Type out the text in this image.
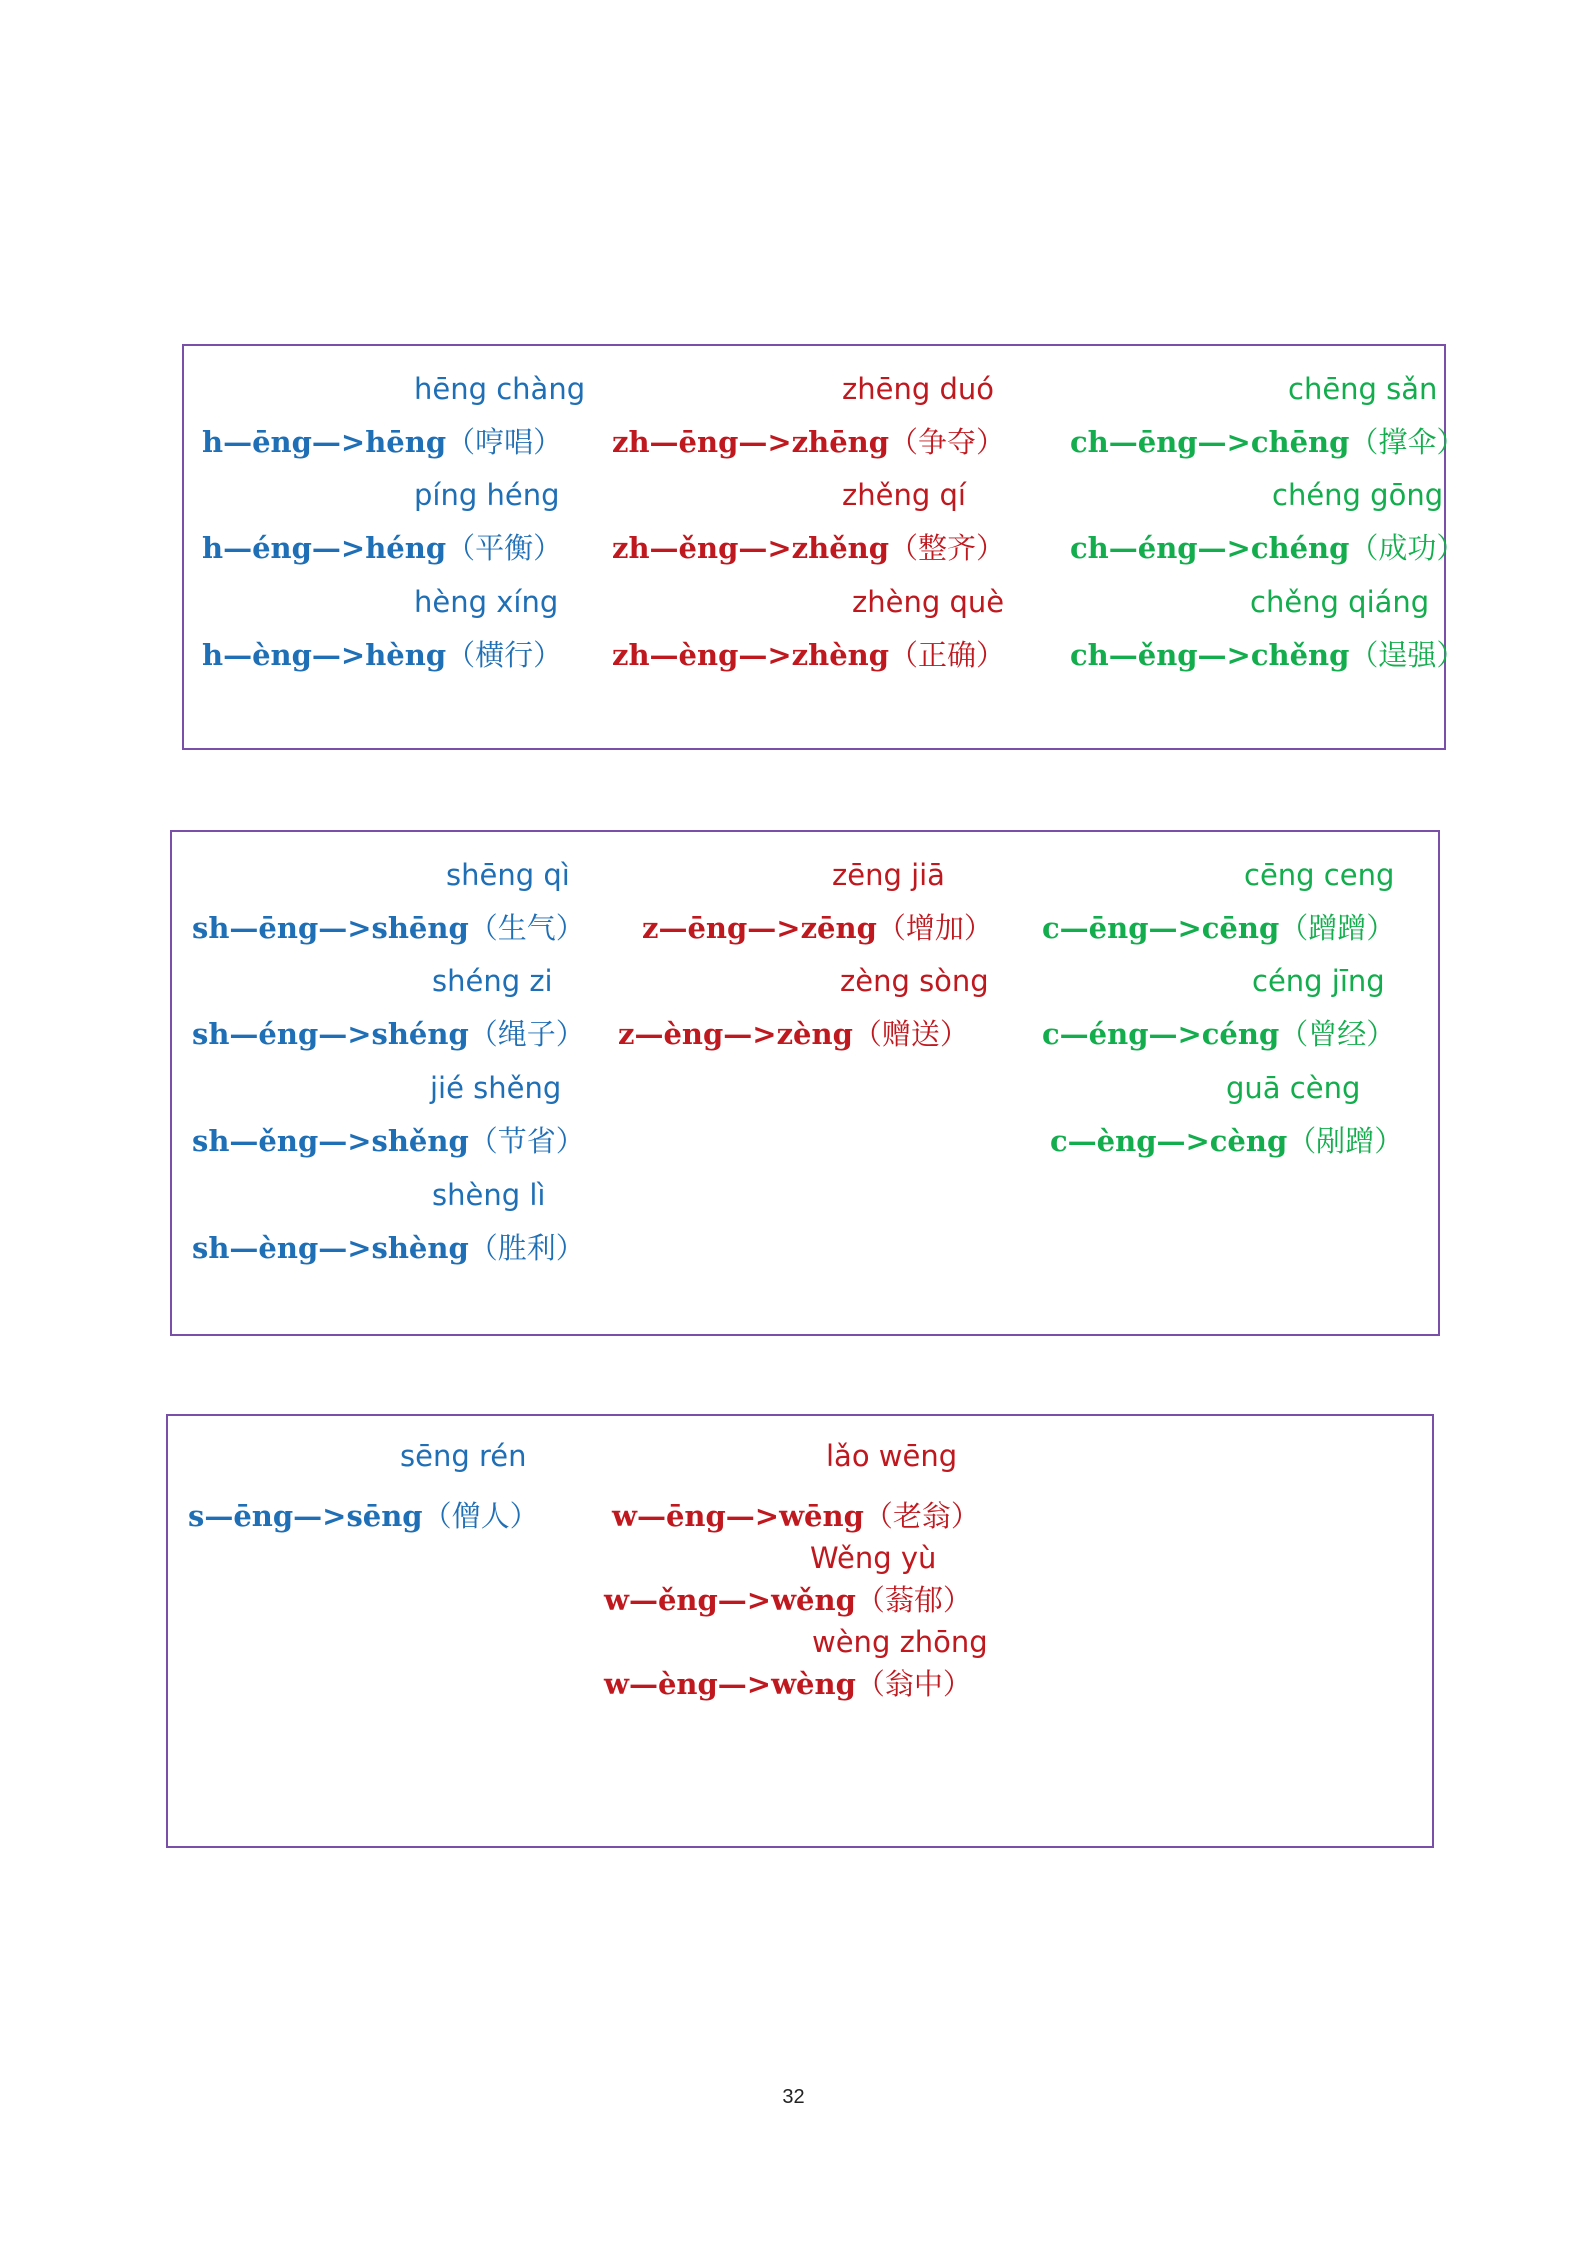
hēng chàng
h—ēng—>hēng（哼唱）
píng héng
h—éng—>héng（平衡）
hèng xíng
h—èng—>hèng（横行）
zhēng duó
zh—ēng—>zhēng（争夺）
zhěng qí
zh—ěng—>zhěng（整齐）
zhèng què
zh—èng—>zhèng（正确）
chēng sǎn
ch—ēng—>chēng（撑伞）
chéng gōng
ch—éng—>chéng（成功）
chěng qiáng
ch—ěng—>chěng（逞强）
shēng qì
sh—ēng—>shēng（生气）
shéng zi
sh—éng—>shéng（绳子）
jié shěng
sh—ěng—>shěng（节省）
shèng lì
sh—èng—>shèng（胜利）
zēng jiā
z—ēng—>zēng（增加）
zèng sòng
z—èng—>zèng（赠送）
cēng ceng
c—ēng—>cēng（蹭蹭）
céng jīng
c—éng—>céng（曾经）
guā cèng
c—èng—>cèng（剐蹭）
sēng rén
s—ēng—>sēng（僧人）
lǎo wēng
w—ēng—>wēng（老翁）
Wěng yù
w—ěng—>wěng（蓊郁）
wèng zhōng
w—èng—>wèng（翁中）
32
